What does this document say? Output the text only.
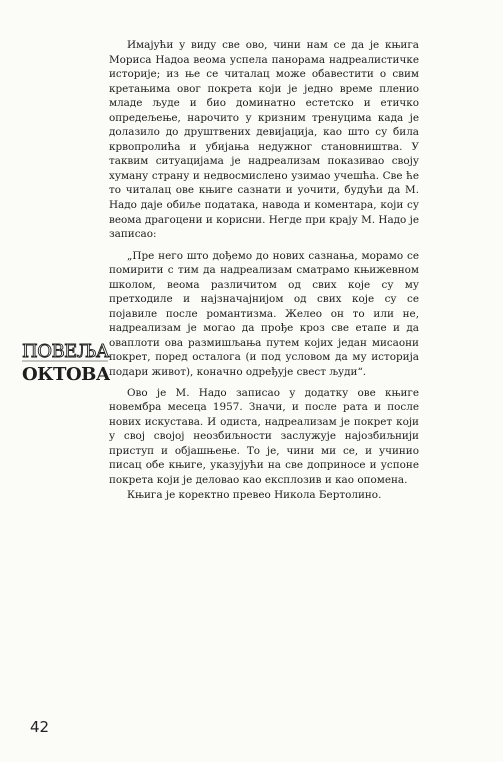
Имајући у виду све ово, чини нам се да је књига Мориса Надоа веома успела панорама надреалистичке историје; из ње се читалац може обавестити о свим кретањима овог покрета који је једно време пленио младе људе и био доминатно естетско и етичко опредељење, нарочито у кризним тренуцима када је долазило до друштвених девијација, као што су била крвопролића и убијања недужног становништва. У таквим ситуацијама је надреализам показивао своју хуману страну и недвосмислено узимао учешћа. Све ће то читалац ове књиге сазнати и уочити, будући да М. Надо даје обиље података, навода и коментара, који су веома драгоцени и корисни. Негде при крају М. Надо је записао:

„Пре него што дођемо до нових сазнања, морамо се помирити с тим да надреализам сматрамо књижевном школом, веома различитом од свих које су му претходиле и најзначајнијом од свих које су се појавиле после романтизма. Желео он то или не, надреализам је могао да прође кроз све етапе и да оваплоти ова размишљања путем којих један мисаони покрет, поред осталога (и под условом да му историја подари живот), коначно одређује свест људи“.

Ово је М. Надо записао у додатку ове књиге новембра месеца 1957. Значи, и после рата и после нових искустава. И одиста, надреализам је покрет који у свој својој неозбиљности заслужује најозбиљнији приступ и објашњење. То је, чини ми се, и учинио писац обе књиге, указујући на све доприносе и успоне покрета који је деловао као експлозив и као опомена.

Књига је коректно превео Никола Бертолино.

ПОВЕЉА
ОКТОВА
42
